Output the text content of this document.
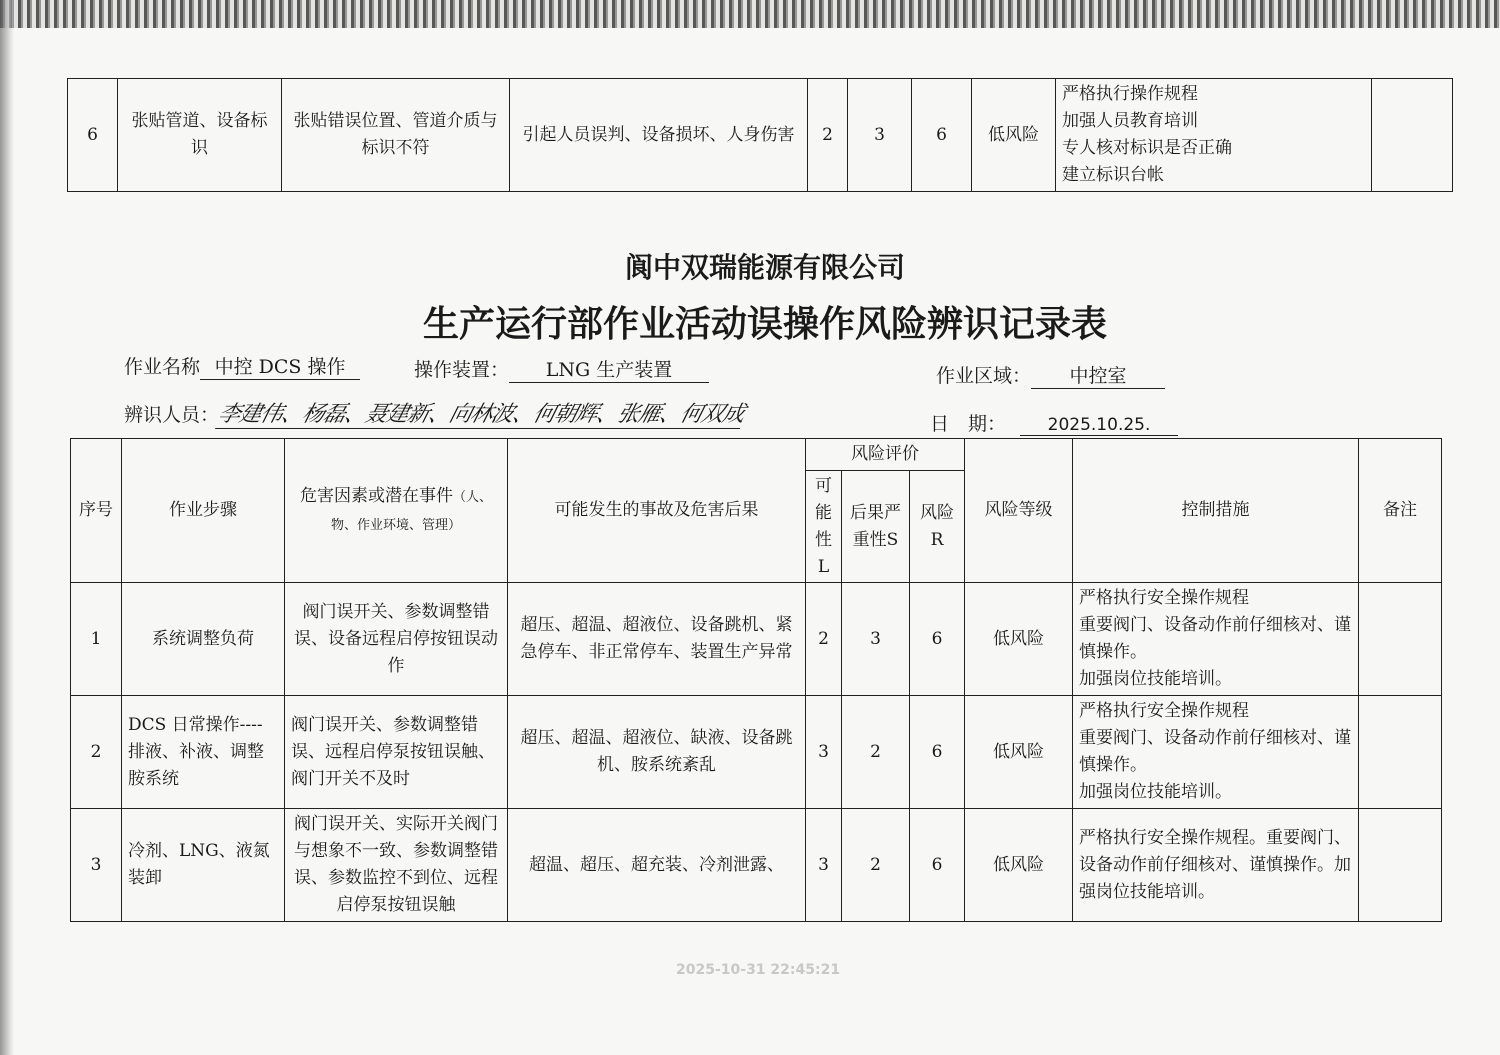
6	张贴管道、设备标识	张贴错误位置、管道介质与标识不符	引起人员误判、设备损坏、人身伤害	2	3	6	低风险	
严格执行操作规程
加强人员教育培训
专人核对标识是否正确
建立标识台帐

阆中双瑞能源有限公司
生产运行部作业活动误操作风险辨识记录表
作业名称 中控 DCS 操作	操作装置： LNG 生产装置	作业区域： 中控室
辨识人员：李建伟、杨磊、聂建新、向林波、何朝辉、张雁、何双成	日　期： 2025.10.25.
序号	作业步骤	危害因素或潜在事件（人、物、作业环境、管理）	可能发生的事故及危害后果	风险评价			风险等级	控制措施	备注
				可能性L	后果严重性S	风险R			
1	系统调整负荷	阀门误开关、参数调整错误、设备远程启停按钮误动作	超压、超温、超液位、设备跳机、紧急停车、非正常停车、装置生产异常	2	3	6	低风险	严格执行安全操作规程
重要阀门、设备动作前仔细核对、谨慎操作。
加强岗位技能培训。	

2	DCS 日常操作----排液、补液、调整胺系统	阀门误开关、参数调整错误、远程启停泵按钮误触、阀门开关不及时	超压、超温、超液位、缺液、设备跳机、胺系统紊乱	3	2	6	低风险	严格执行安全操作规程
重要阀门、设备动作前仔细核对、谨慎操作。
加强岗位技能培训。	

3	冷剂、LNG、液氮装卸	阀门误开关、实际开关阀门与想象不一致、参数调整错误、参数监控不到位、远程启停泵按钮误触	超温、超压、超充装、冷剂泄露、	3	2	6	低风险	严格执行安全操作规程。重要阀门、设备动作前仔细核对、谨慎操作。加强岗位技能培训。	

2025-10-31 22:45:21
